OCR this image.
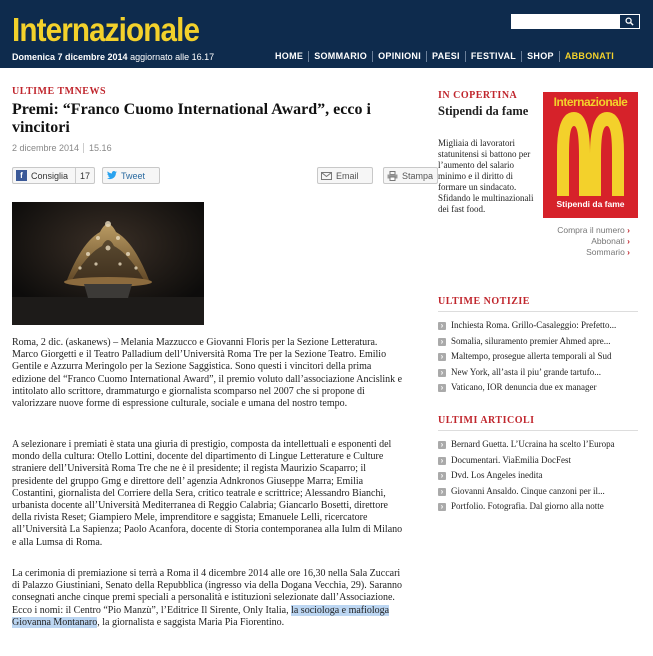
Internazionale
Domenica 7 dicembre 2014 aggiornato alle 16.17	HOME	SOMMARIO	OPINIONI	PAESI	FESTIVAL	SHOP	ABBONATI
ULTIME TMNEWS
Premi: “Franco Cuomo International Award”, ecco i vincitori
2 dicembre 2014 15.16
f Consiglia	17	Tweet	Email	Stampa

Roma, 2 dic. (askanews) – Melania Mazzucco e Giovanni Floris per la Sezione Letteratura. Marco Giorgetti e il Teatro Palladium dell’Università Roma Tre per la Sezione Teatro. Emilio Gentile e Azzurra Meringolo per la Sezione Saggistica. Sono questi i vincitori della prima edizione del “Franco Cuomo International Award”, il premio voluto dall’associazione Ancislink e intitolato allo scrittore, drammaturgo e giornalista scomparso nel 2007 che si propone di valorizzare nuove forme di espressione culturale, sociale e umana del nostro tempo.

A selezionare i premiati è stata una giuria di prestigio, composta da intellettuali e esponenti del mondo della cultura: Otello Lottini, docente del dipartimento di Lingue Letterature e Culture straniere dell’Università Roma Tre che ne è il presidente; il regista Maurizio Scaparro; il presidente del gruppo Gmg e direttore dell’ agenzia Adnkronos Giuseppe Marra; Emilia Costantini, giornalista del Corriere della Sera, critico teatrale e scrittrice; Alessandro Bianchi, urbanista docente all’Università Mediterranea di Reggio Calabria; Giancarlo Bosetti, direttore della rivista Reset; Giampiero Mele, imprenditore e saggista; Emanuele Lelli, ricercatore all’Università La Sapienza; Paolo Acanfora, docente di Storia contemporanea alla Iulm di Milano e alla Lumsa di Roma.

La cerimonia di premiazione si terrà a Roma il 4 dicembre 2014 alle ore 16,30 nella Sala Zuccari di Palazzo Giustiniani, Senato della Repubblica (ingresso via della Dogana Vecchia, 29). Saranno consegnati anche cinque premi speciali a personalità e istituzioni selezionate dall’Associazione. Ecco i nomi: il Centro “Pio Manzù”, l’Editrice Il Sirente, Only Italia, la sociologa e mafiologa Giovanna Montanaro, la giornalista e saggista Maria Pia Fiorentino.

IN COPERTINA
Stipendi da fame
Migliaia di lavoratori statunitensi si battono per l’aumento del salario minimo e il diritto di formare un sindacato. Sfidando le multinazionali dei fast food.
Internazionale
Stipendi da fame
Compra il numero ›
Abbonati ›
Sommario ›
ULTIME NOTIZIE
› Inchiesta Roma. Grillo-Casaleggio: Prefetto...
› Somalia, siluramento premier Ahmed apre...
› Maltempo, prosegue allerta temporali al Sud
› New York, all’asta il piu’ grande tartufo...
› Vaticano, IOR denuncia due ex manager
ULTIMI ARTICOLI
› Bernard Guetta. L’Ucraina ha scelto l’Europa
› Documentari. ViaEmilia DocFest
› Dvd. Los Angeles inedita
› Giovanni Ansaldo. Cinque canzoni per il...
› Portfolio. Fotografia. Dal giorno alla notte
